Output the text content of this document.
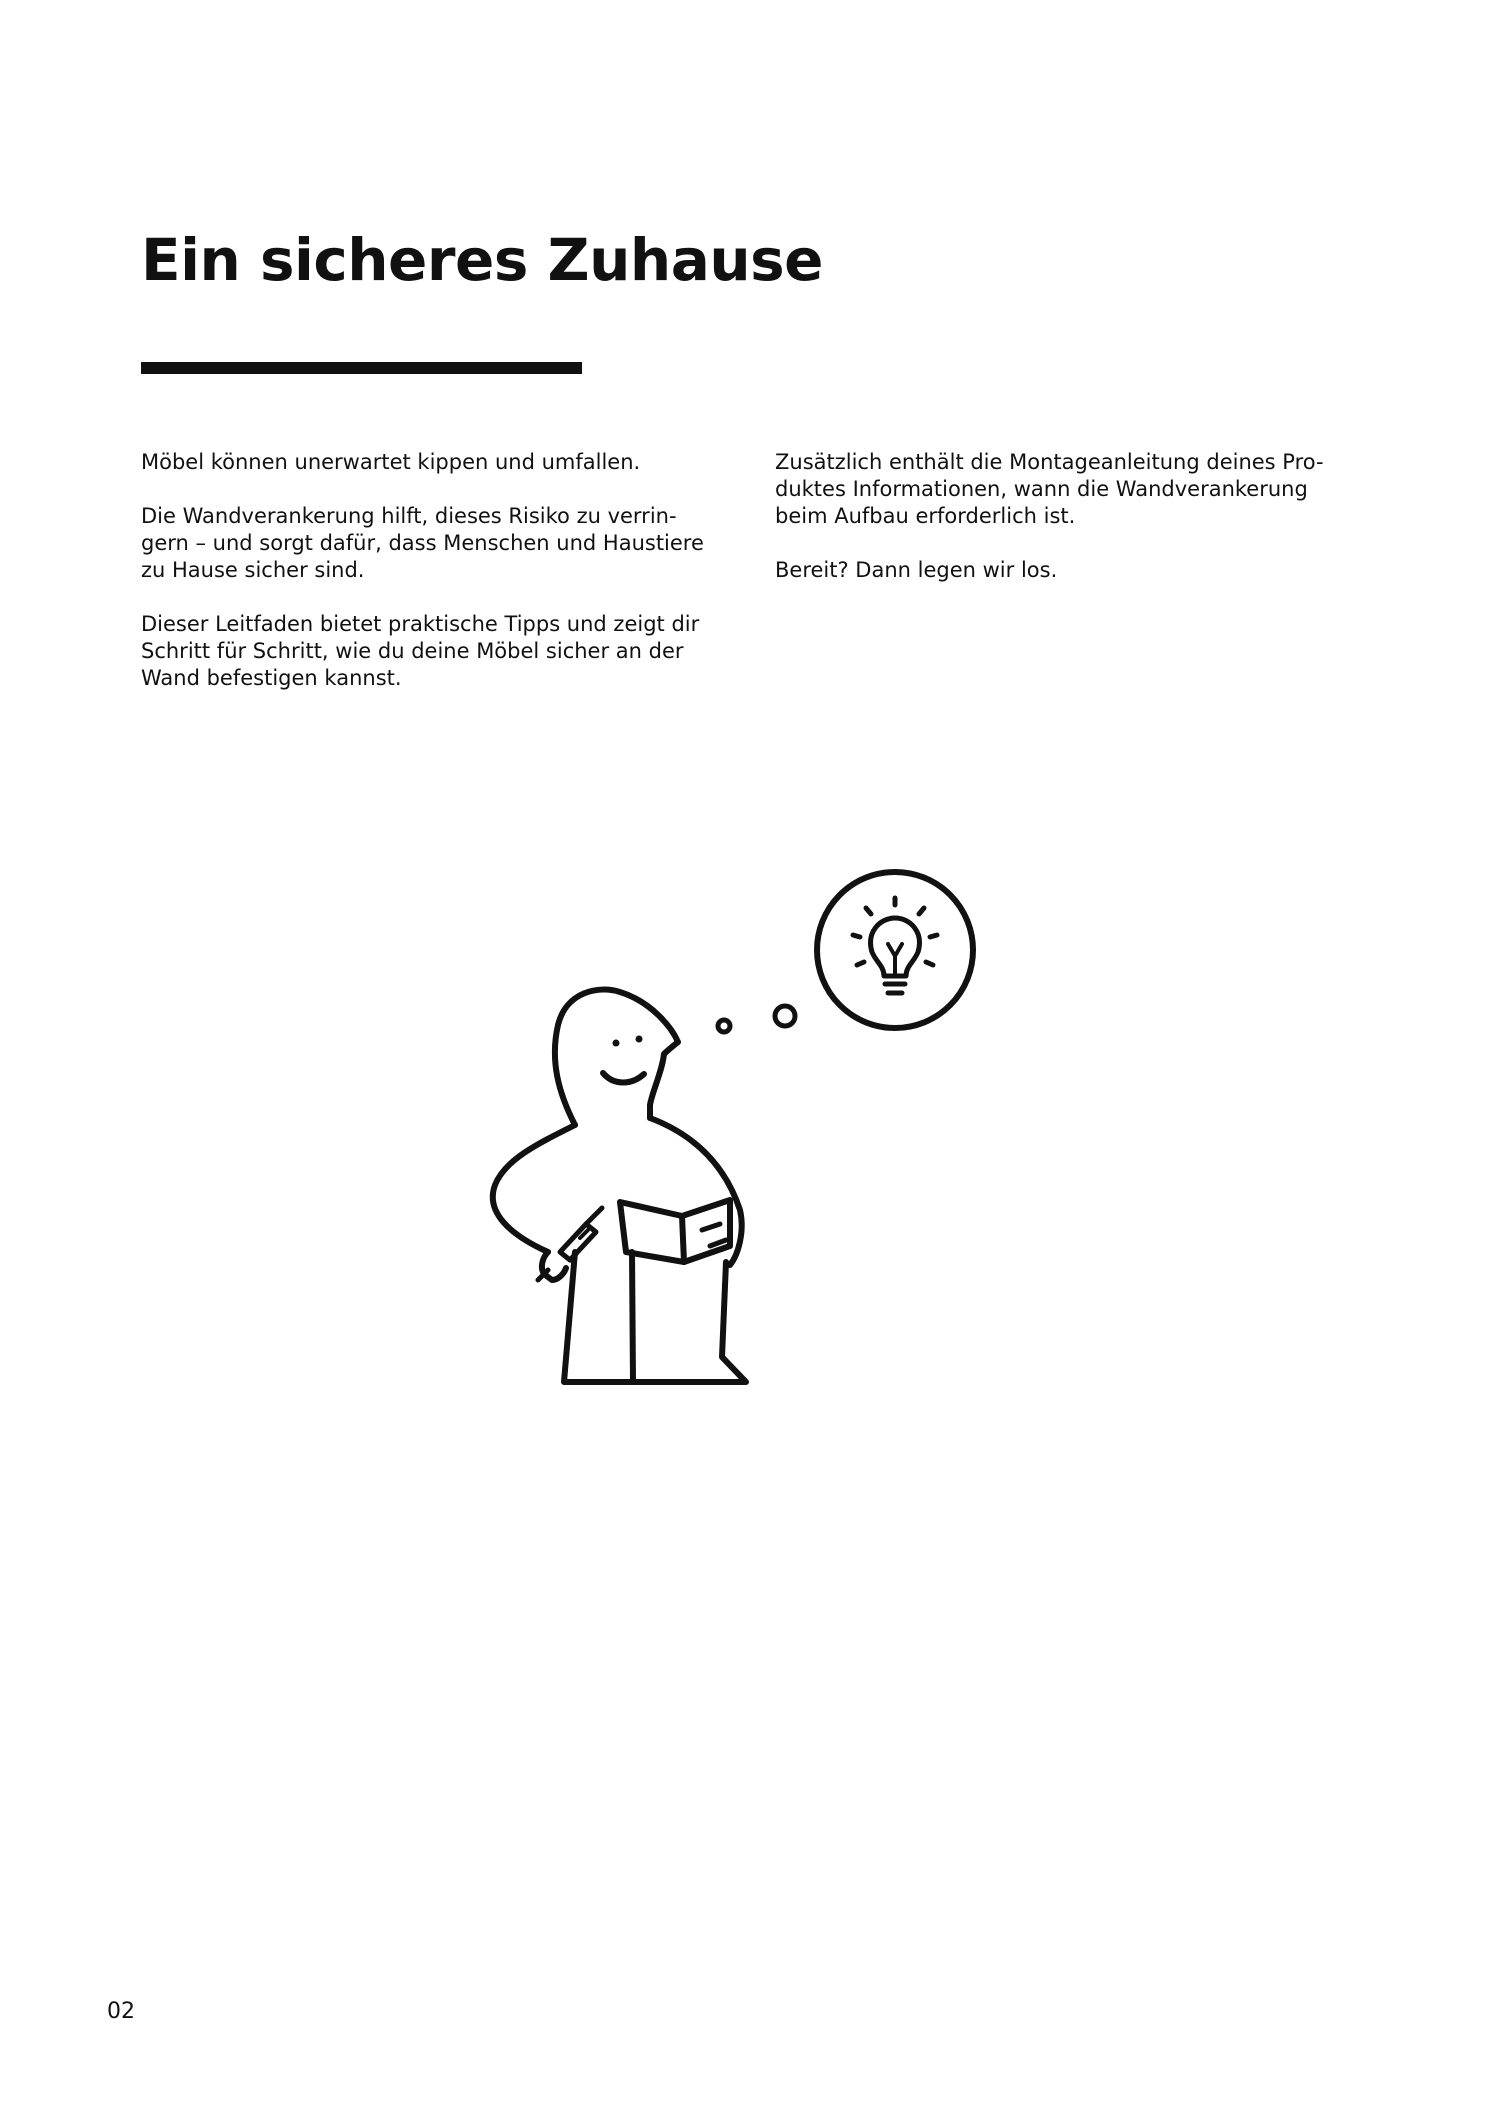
Ein sicheres Zuhause

Möbel können unerwartet kippen und umfallen.

Die Wandverankerung hilft, dieses Risiko zu verrin-
gern – und sorgt dafür, dass Menschen und Haustiere
zu Hause sicher sind.

Dieser Leitfaden bietet praktische Tipps und zeigt dir
Schritt für Schritt, wie du deine Möbel sicher an der
Wand befestigen kannst.

Zusätzlich enthält die Montageanleitung deines Pro-
duktes Informationen, wann die Wandverankerung
beim Aufbau erforderlich ist.

Bereit? Dann legen wir los.

02
